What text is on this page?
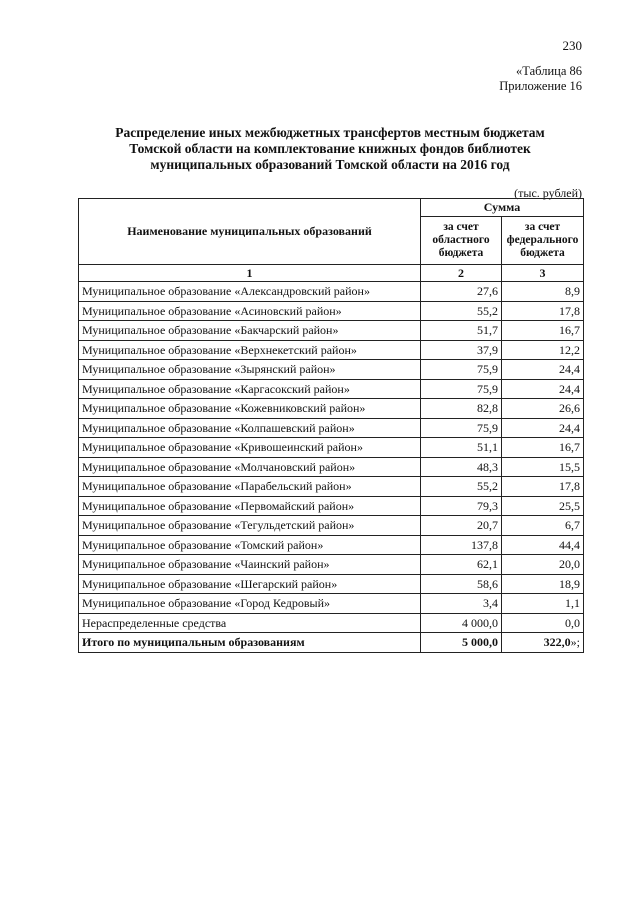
230
«Таблица 86
Приложение 16
Распределение иных межбюджетных трансфертов местным бюджетам
Томской области на комплектование книжных фондов библиотек
муниципальных образований Томской области на 2016 год
(тыс. рублей)
Наименование муниципальных образований	Сумма	
	за счет областного бюджета	за счет федерального бюджета
1	2	3
Муниципальное образование «Александровский район»	27,6	8,9
Муниципальное образование «Асиновский район»	55,2	17,8
Муниципальное образование «Бакчарский район»	51,7	16,7
Муниципальное образование «Верхнекетский район»	37,9	12,2
Муниципальное образование «Зырянский район»	75,9	24,4
Муниципальное образование «Каргасокский район»	75,9	24,4
Муниципальное образование «Кожевниковский район»	82,8	26,6
Муниципальное образование «Колпашевский район»	75,9	24,4
Муниципальное образование «Кривошеинский район»	51,1	16,7
Муниципальное образование «Молчановский район»	48,3	15,5
Муниципальное образование «Парабельский район»	55,2	17,8
Муниципальное образование «Первомайский район»	79,3	25,5
Муниципальное образование «Тегульдетский район»	20,7	6,7
Муниципальное образование «Томский район»	137,8	44,4
Муниципальное образование «Чаинский район»	62,1	20,0
Муниципальное образование «Шегарский район»	58,6	18,9
Муниципальное образование «Город Кедровый»	3,4	1,1
Нераспределенные средства	4 000,0	0,0
Итого по муниципальным образованиям	5 000,0	322,0»;
